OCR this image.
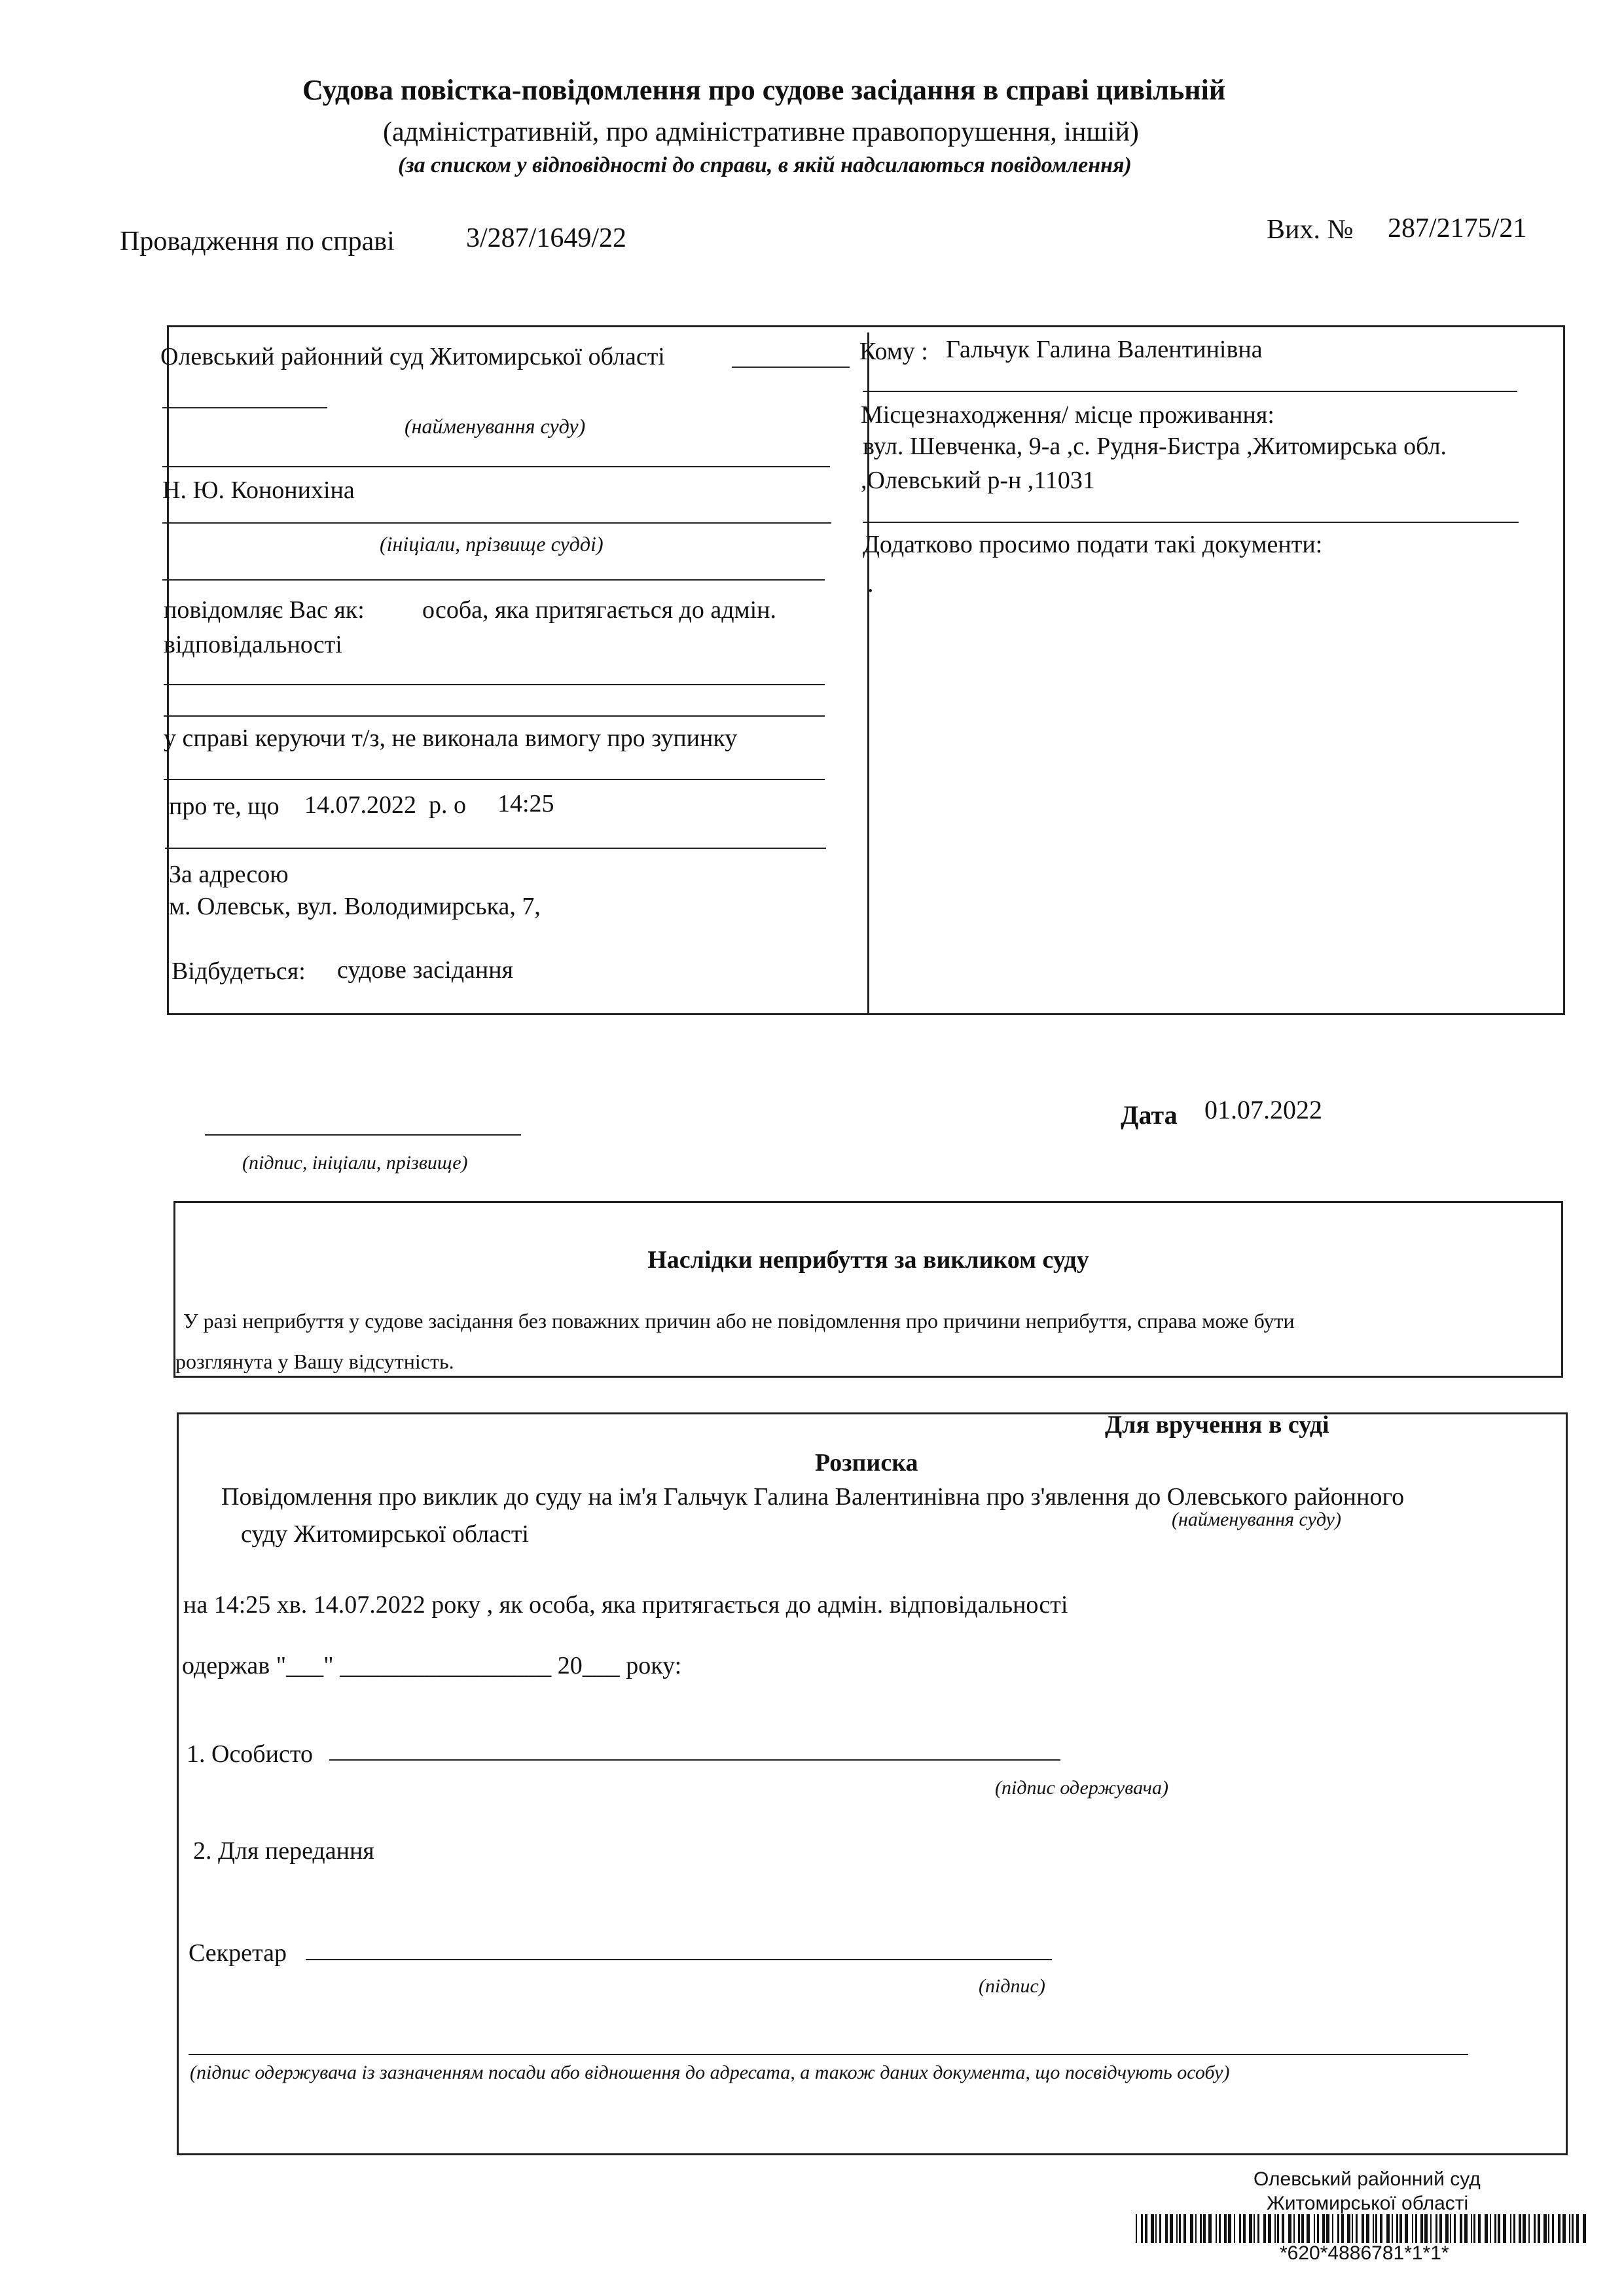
Судова повістка-повідомлення про судове засідання в справі цивільній
(адміністративній, про адміністративне правопорушення, іншій)
(за списком у відповідності до справи, в якій надсилаються повідомлення)
Провадження по справі	3/287/1649/22	Вих. № 287/2175/21
Олевський районний суд Житомирської області
(найменування суду)
Н. Ю. Кононихіна
(ініціали, прізвище судді)
повідомляє Вас як: особа, яка притягається до адмін.
відповідальності
у справі керуючи т/з, не виконала вимогу про зупинку
про те, що 14.07.2022 р. о 14:25
За адресою
м. Олевськ, вул. Володимирська, 7,
Відбудеться: судове засідання
Кому : Гальчук Галина Валентинівна
Місцезнаходження/ місце проживання:
вул. Шевченка, 9-а ,с. Рудня-Бистра ,Житомирська обл.
,Олевський р-н ,11031
Додатково просимо подати такі документи:
.
(підпис, ініціали, прізвище)
Дата 01.07.2022
Наслідки неприбуття за викликом суду
У разі неприбуття у судове засідання без поважних причин або не повідомлення про причини неприбуття, справа може бути
розглянута у Вашу відсутність.
Для вручення в суді
Розписка
Повідомлення про виклик до суду на ім'я Гальчук Галина Валентинівна про з'явлення до Олевського районного
суду Житомирської області
(найменування суду)
на 14:25 хв. 14.07.2022 року , як особа, яка притягається до адмін. відповідальності
одержав "___" _________________ 20___ року:
1. Особисто
(підпис одержувача)
2. Для передання
Секретар
(підпис)
(підпис одержувача із зазначенням посади або відношення до адресата, а також даних документа, що посвідчують особу)
Олевський районний суд
Житомирської області
*620*4886781*1*1*
